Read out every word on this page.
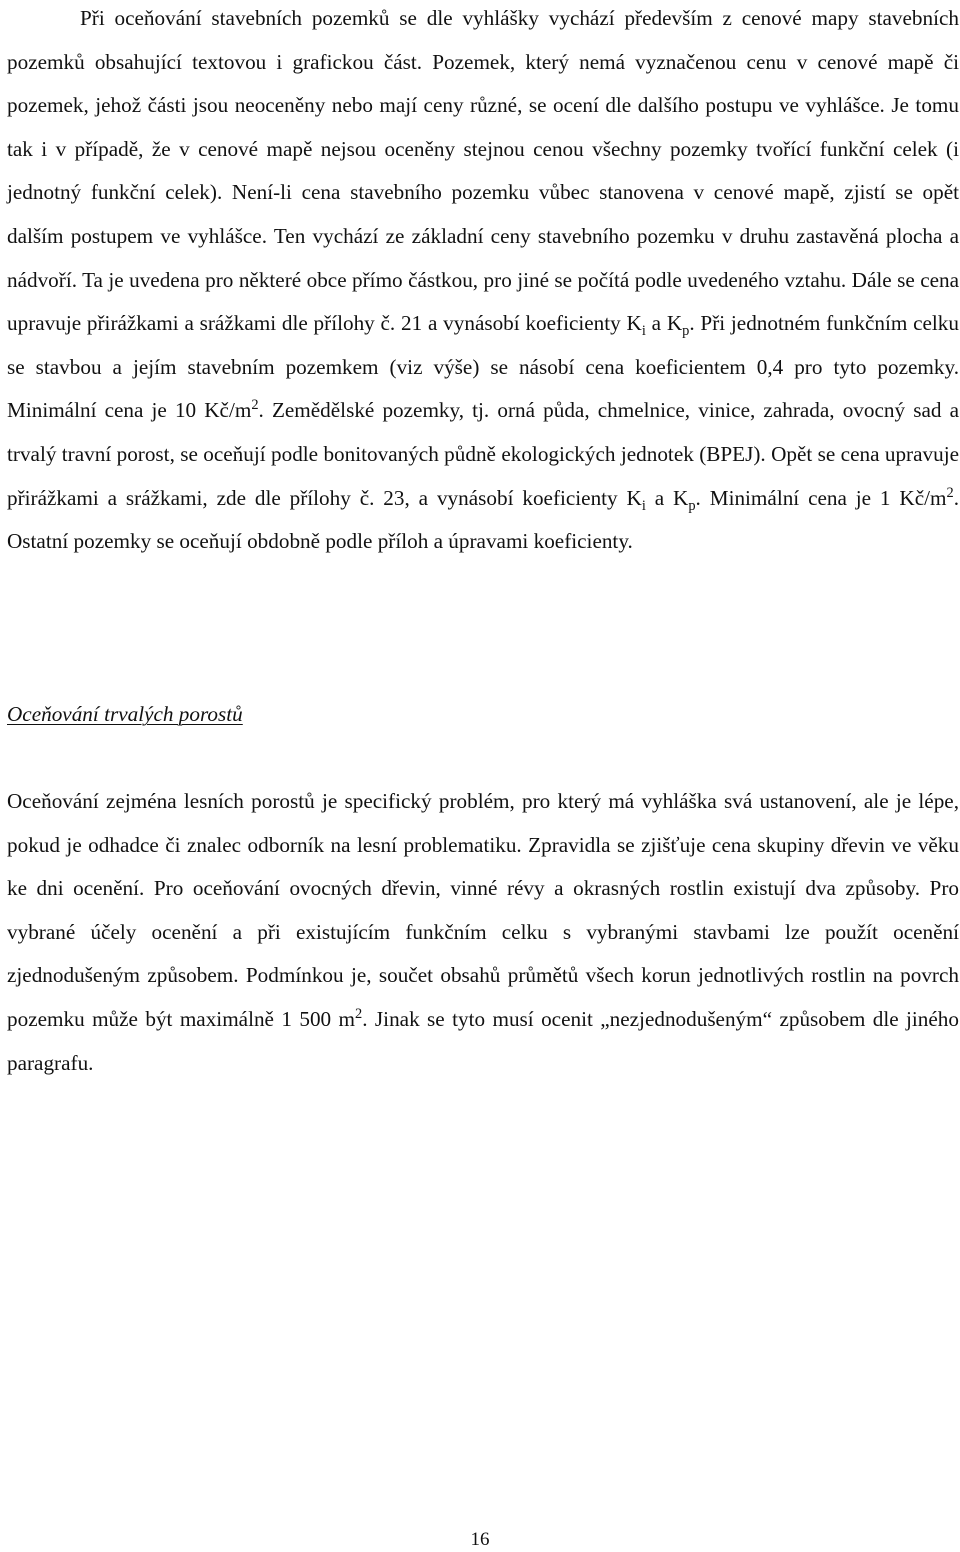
Při oceňování stavebních pozemků se dle vyhlášky vychází především z cenové mapy stavebních pozemků obsahující textovou i grafickou část. Pozemek, který nemá vyznačenou cenu v cenové mapě či pozemek, jehož části jsou neoceněny nebo mají ceny různé, se ocení dle dalšího postupu ve vyhlášce. Je tomu tak i v případě, že v cenové mapě nejsou oceněny stejnou cenou všechny pozemky tvořící funkční celek (i jednotný funkční celek). Není-li cena stavebního pozemku vůbec stanovena v cenové mapě, zjistí se opět dalším postupem ve vyhlášce. Ten vychází ze základní ceny stavebního pozemku v druhu zastavěná plocha a nádvoří. Ta je uvedena pro některé obce přímo částkou, pro jiné se počítá podle uvedeného vztahu. Dále se cena upravuje přirážkami a srážkami dle přílohy č. 21 a vynásobí koeficienty $K_i$ a $K_p$. Při jednotném funkčním celku se stavbou a jejím stavebním pozemkem (viz výše) se násobí cena koeficientem 0,4 pro tyto pozemky. Minimální cena je 10 $Kč/m^2$. Zemědělské pozemky, tj. orná půda, chmelnice, vinice, zahrada, ovocný sad a trvalý travní porost, se oceňují podle bonitovaných půdně ekologických jednotek (BPEJ). Opět se cena upravuje přirážkami a srážkami, zde dle přílohy č. 23, a vynásobí koeficienty $K_i$ a $K_p$. Minimální cena je 1 $Kč/m^2$. Ostatní pozemky se oceňují obdobně podle příloh a úpravami koeficienty.

Oceňování trvalých porostů

Oceňování zejména lesních porostů je specifický problém, pro který má vyhláška svá ustanovení, ale je lépe, pokud je odhadce či znalec odborník na lesní problematiku. Zpravidla se zjišťuje cena skupiny dřevin ve věku ke dni ocenění. Pro oceňování ovocných dřevin, vinné révy a okrasných rostlin existují dva způsoby. Pro vybrané účely ocenění a při existujícím funkčním celku s vybranými stavbami lze použít ocenění zjednodušeným způsobem. Podmínkou je, součet obsahů průmětů všech korun jednotlivých rostlin na povrch pozemku může být maximálně 1 500 $m^2$. Jinak se tyto musí ocenit „nezjednodušeným“ způsobem dle jiného paragrafu.

16
